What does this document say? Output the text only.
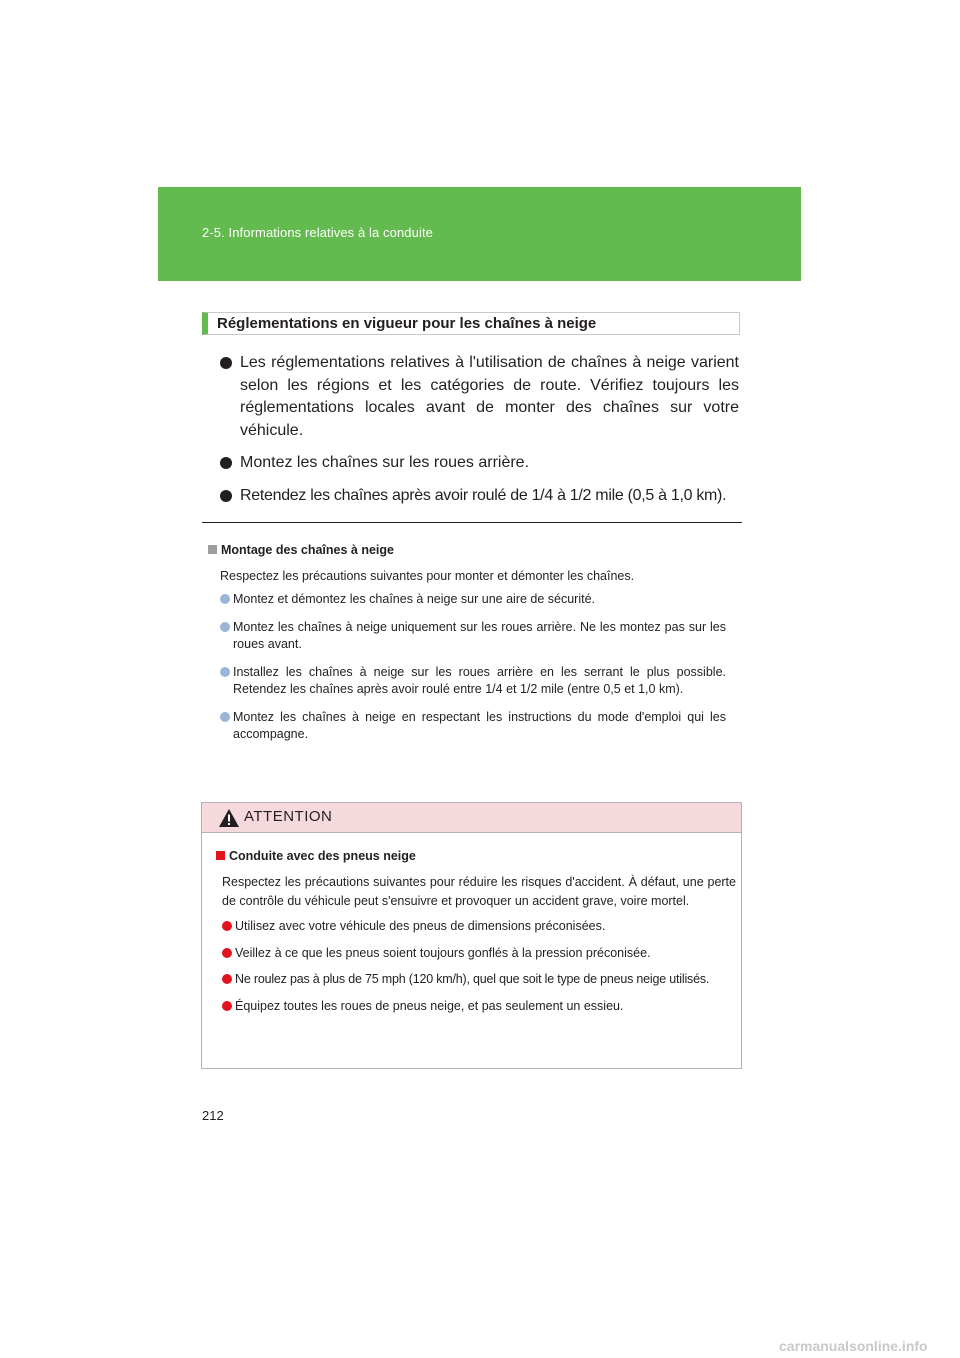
2-5. Informations relatives à la conduite
Réglementations en vigueur pour les chaînes à neige
Les réglementations relatives à l'utilisation de chaînes à neige varient selon les régions et les catégories de route. Vérifiez toujours les réglementations locales avant de monter des chaînes sur votre véhicule.
Montez les chaînes sur les roues arrière.
Retendez les chaînes après avoir roulé de 1/4 à 1/2 mile (0,5 à 1,0 km).
Montage des chaînes à neige
Respectez les précautions suivantes pour monter et démonter les chaînes.
Montez et démontez les chaînes à neige sur une aire de sécurité.
Montez les chaînes à neige uniquement sur les roues arrière. Ne les montez pas sur les roues avant.
Installez les chaînes à neige sur les roues arrière en les serrant le plus possible. Retendez les chaînes après avoir roulé entre 1/4 et 1/2 mile (entre 0,5 et 1,0 km).
Montez les chaînes à neige en respectant les instructions du mode d'emploi qui les accompagne.
ATTENTION
Conduite avec des pneus neige
Respectez les précautions suivantes pour réduire les risques d'accident. À défaut, une perte de contrôle du véhicule peut s'ensuivre et provoquer un accident grave, voire mortel.
Utilisez avec votre véhicule des pneus de dimensions préconisées.
Veillez à ce que les pneus soient toujours gonflés à la pression préconisée.
Ne roulez pas à plus de 75 mph (120 km/h), quel que soit le type de pneus neige utilisés.
Équipez toutes les roues de pneus neige, et pas seulement un essieu.
212
carmanualsonline.info
